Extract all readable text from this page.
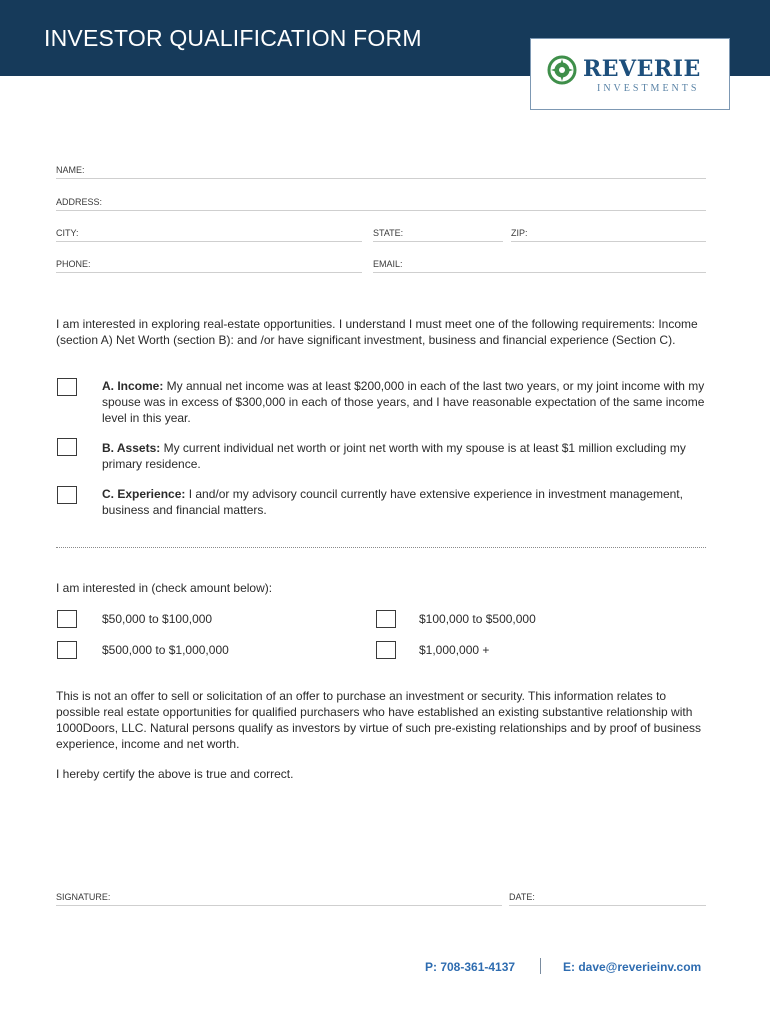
INVESTOR QUALIFICATION FORM
REVERIE
INVESTMENTS
NAME:
ADDRESS:
CITY:	STATE:	ZIP:
PHONE:	EMAIL:

I am interested in exploring real-estate opportunities. I understand I must meet one of the following requirements: Income (section A) Net Worth (section B): and /or have significant investment, business and financial experience (Section C).

A. Income: My annual net income was at least $200,000 in each of the last two years, or my joint income with my spouse was in excess of $300,000 in each of those years, and I have reasonable expectation of the same income level in this year.

B. Assets: My current individual net worth or joint net worth with my spouse is at least $1 million excluding my primary residence.

C. Experience: I and/or my advisory council currently have extensive experience in investment management, business and financial matters.

I am interested in (check amount below):

$50,000 to $100,000	$100,000 to $500,000
$500,000 to $1,000,000	$1,000,000 +

This is not an offer to sell or solicitation of an offer to purchase an investment or security. This information relates to possible real estate opportunities for qualified purchasers who have established an existing substantive relationship with 1000Doors, LLC. Natural persons qualify as investors by virtue of such pre-existing relationships and by proof of business experience, income and net worth.

I hereby certify the above is true and correct.

SIGNATURE:	DATE:
P: 708-361-4137	E: dave@reverieinv.com
